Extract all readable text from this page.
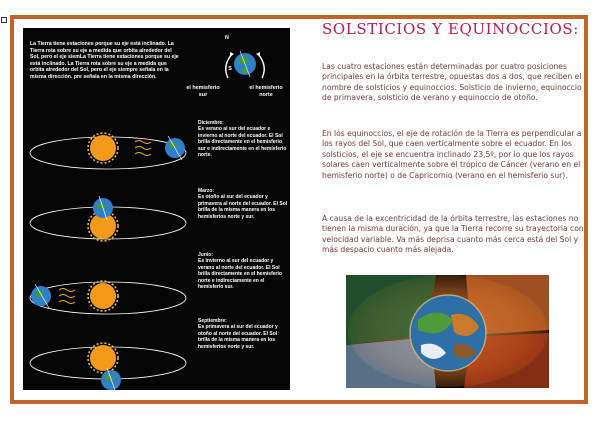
La Tierra tiene estaciones porque su eje está inclinado. La Tierra rota sobre su eje a medida que orbita alrededor del Sol, pero el eje siemLa Tierra tiene estaciones porque su eje está inclinado. La Tierra rota sobre su eje a medida que orbita alrededor del Sol, pero el eje siempre señala en la misma dirección. pre señala en la misma dirección.
N
S
el hemisferio sur
el hemisferio norte
Diciembre:
Es verano al sur del ecuador e invierno al norte del ecuador. El Sol brilla directamente en el hemisferio sur e indirectamente en el hemisferio norte.
Marzo:
Es otoño al sur del ecuador y primavera al norte del ecuador. El Sol brilla de la misma manera en los hemisferios norte y sur.
Junio:
Es invierno al sur del ecuador y verano al norte del ecuador. El Sol brilla directamente en el hemisferio norte e indirectamente en el hemisferio sur.
Septiembre:
Es primavera al sur del ecuador y otoño al norte del ecuador. El Sol brilla de la misma manera en los hemisferios norte y sur.
SOLSTICIOS Y EQUINOCCIOS:
Las cuatro estaciones están determinadas por cuatro posiciones principales en la órbita terrestre, opuestas dos a dos, que reciben el nombre de solsticios y equinoccios. Solsticio de invierno, equinoccio de primavera, solsticio de verano y equinoccio de otoño.
En los equinoccios, el eje de rotación de la Tierra es perpendicular a los rayos del Sol, que caen verticalmente sobre el ecuador. En los solsticios, el eje se encuentra inclinado 23,5º, por lo que los rayos solares caen verticalmente sobre el trópico de Cáncer (verano en el hemisferio norte) o de Capricornio (verano en el hemisferio sur).
A causa de la excentricidad de la órbita terrestre, las estaciones no tienen la misma duración, ya que la Tierra recorre su trayectoria con velocidad variable. Va más deprisa cuanto más cerca está del Sol y más despacio cuanto más alejada.
